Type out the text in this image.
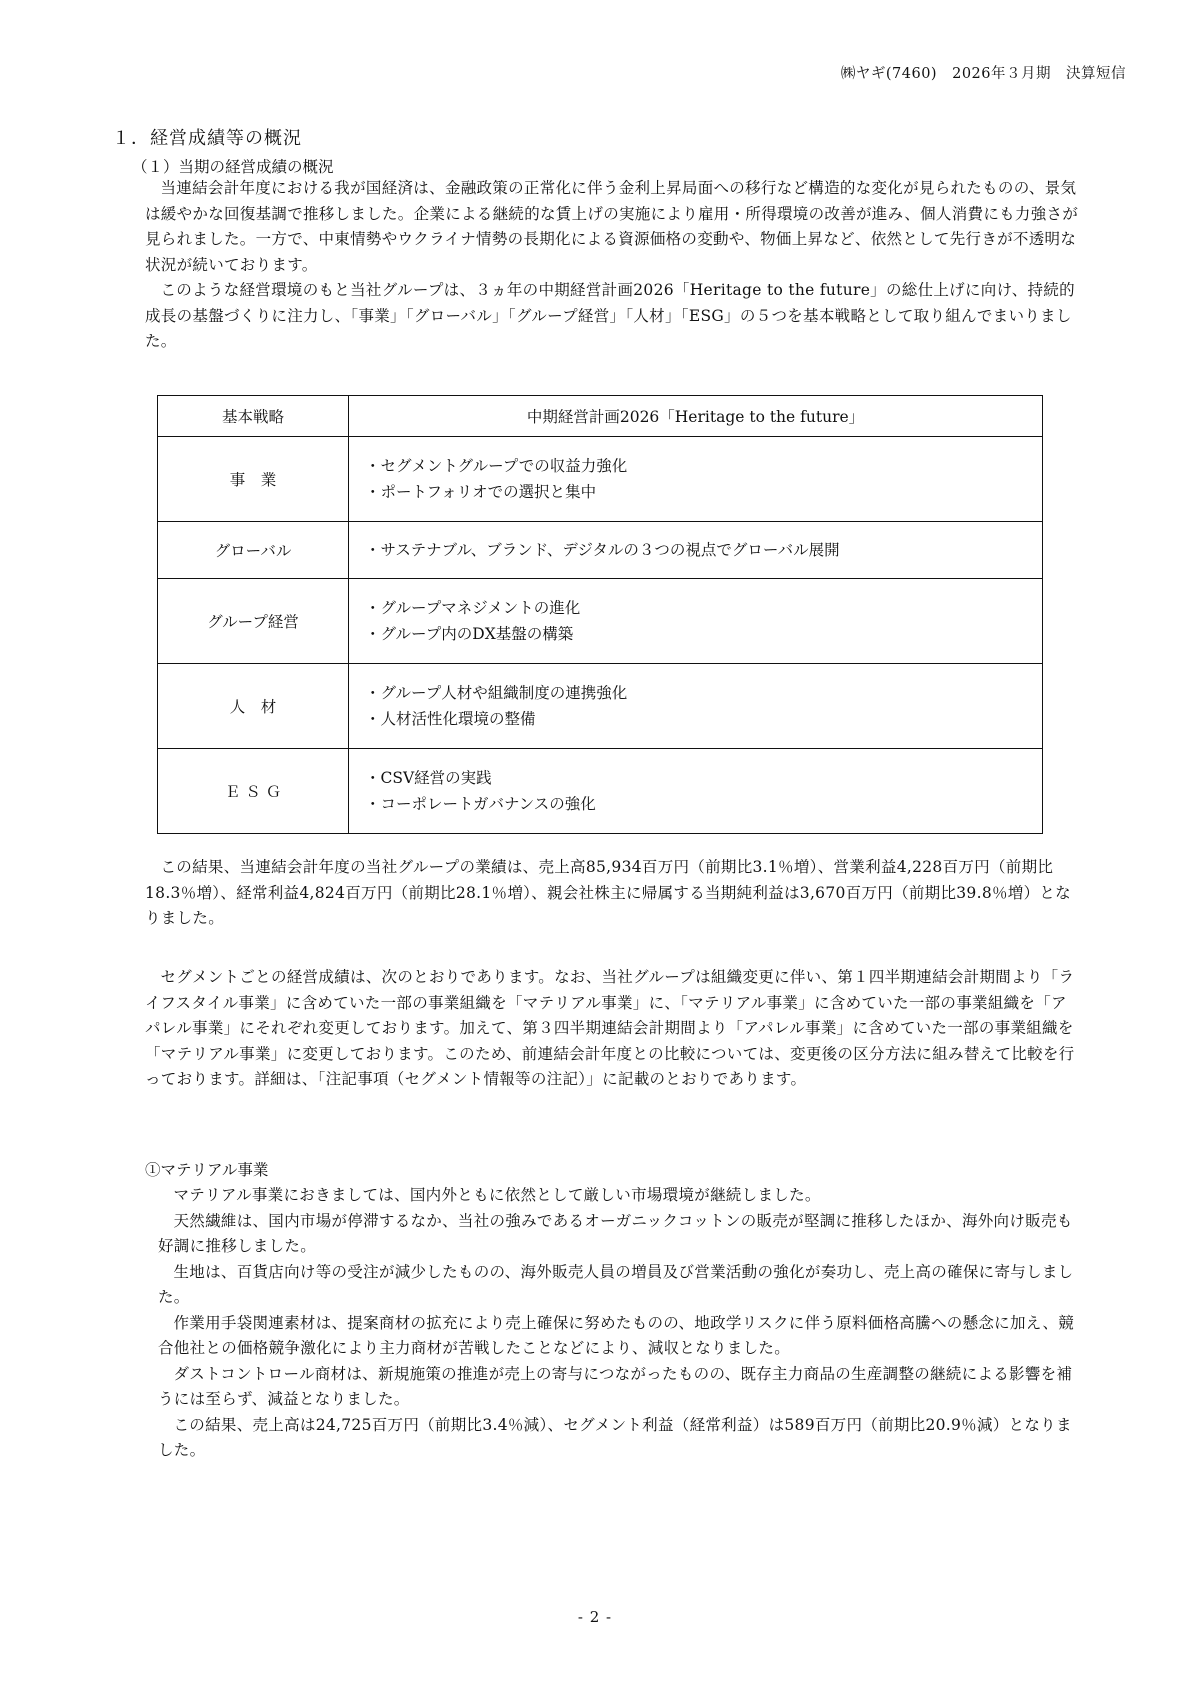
㈱ヤギ(7460)　2026年３月期　決算短信
１．経営成績等の概況
（１）当期の経営成績の概況

当連結会計年度における我が国経済は、金融政策の正常化に伴う金利上昇局面への移行など構造的な変化が見られたものの、景気は緩やかな回復基調で推移しました。企業による継続的な賃上げの実施により雇用・所得環境の改善が進み、個人消費にも力強さが見られました。一方で、中東情勢やウクライナ情勢の長期化による資源価格の変動や、物価上昇など、依然として先行きが不透明な状況が続いております。

このような経営環境のもと当社グループは、３ヵ年の中期経営計画2026「Heritage to the future」の総仕上げに向け、持続的成長の基盤づくりに注力し、「事業」「グローバル」「グループ経営」「人材」「ESG」の５つを基本戦略として取り組んでまいりました。

基本戦略	中期経営計画2026「Heritage to the future」
事　業	・セグメントグループでの収益力強化
・ポートフォリオでの選択と集中

グローバル	・サステナブル、ブランド、デジタルの３つの視点でグローバル展開

グループ経営	・グループマネジメントの進化
・グループ内のDX基盤の構築

人　材	・グループ人材や組織制度の連携強化
・人材活性化環境の整備

Ｅ Ｓ Ｇ	・CSV経営の実践
・コーポレートガバナンスの強化

この結果、当連結会計年度の当社グループの業績は、売上高85,934百万円（前期比3.1％増）、営業利益4,228百万円（前期比18.3％増）、経常利益4,824百万円（前期比28.1％増）、親会社株主に帰属する当期純利益は3,670百万円（前期比39.8％増）となりました。

セグメントごとの経営成績は、次のとおりであります。なお、当社グループは組織変更に伴い、第１四半期連結会計期間より「ライフスタイル事業」に含めていた一部の事業組織を「マテリアル事業」に、「マテリアル事業」に含めていた一部の事業組織を「アパレル事業」にそれぞれ変更しております。加えて、第３四半期連結会計期間より「アパレル事業」に含めていた一部の事業組織を「マテリアル事業」に変更しております。このため、前連結会計年度との比較については、変更後の区分方法に組み替えて比較を行っております。詳細は、「注記事項（セグメント情報等の注記）」に記載のとおりであります。

①マテリアル事業

マテリアル事業におきましては、国内外ともに依然として厳しい市場環境が継続しました。

天然繊維は、国内市場が停滞するなか、当社の強みであるオーガニックコットンの販売が堅調に推移したほか、海外向け販売も好調に推移しました。

生地は、百貨店向け等の受注が減少したものの、海外販売人員の増員及び営業活動の強化が奏功し、売上高の確保に寄与しました。

作業用手袋関連素材は、提案商材の拡充により売上確保に努めたものの、地政学リスクに伴う原料価格高騰への懸念に加え、競合他社との価格競争激化により主力商材が苦戦したことなどにより、減収となりました。

ダストコントロール商材は、新規施策の推進が売上の寄与につながったものの、既存主力商品の生産調整の継続による影響を補うには至らず、減益となりました。

この結果、売上高は24,725百万円（前期比3.4％減）、セグメント利益（経常利益）は589百万円（前期比20.9％減）となりました。

- 2 -
